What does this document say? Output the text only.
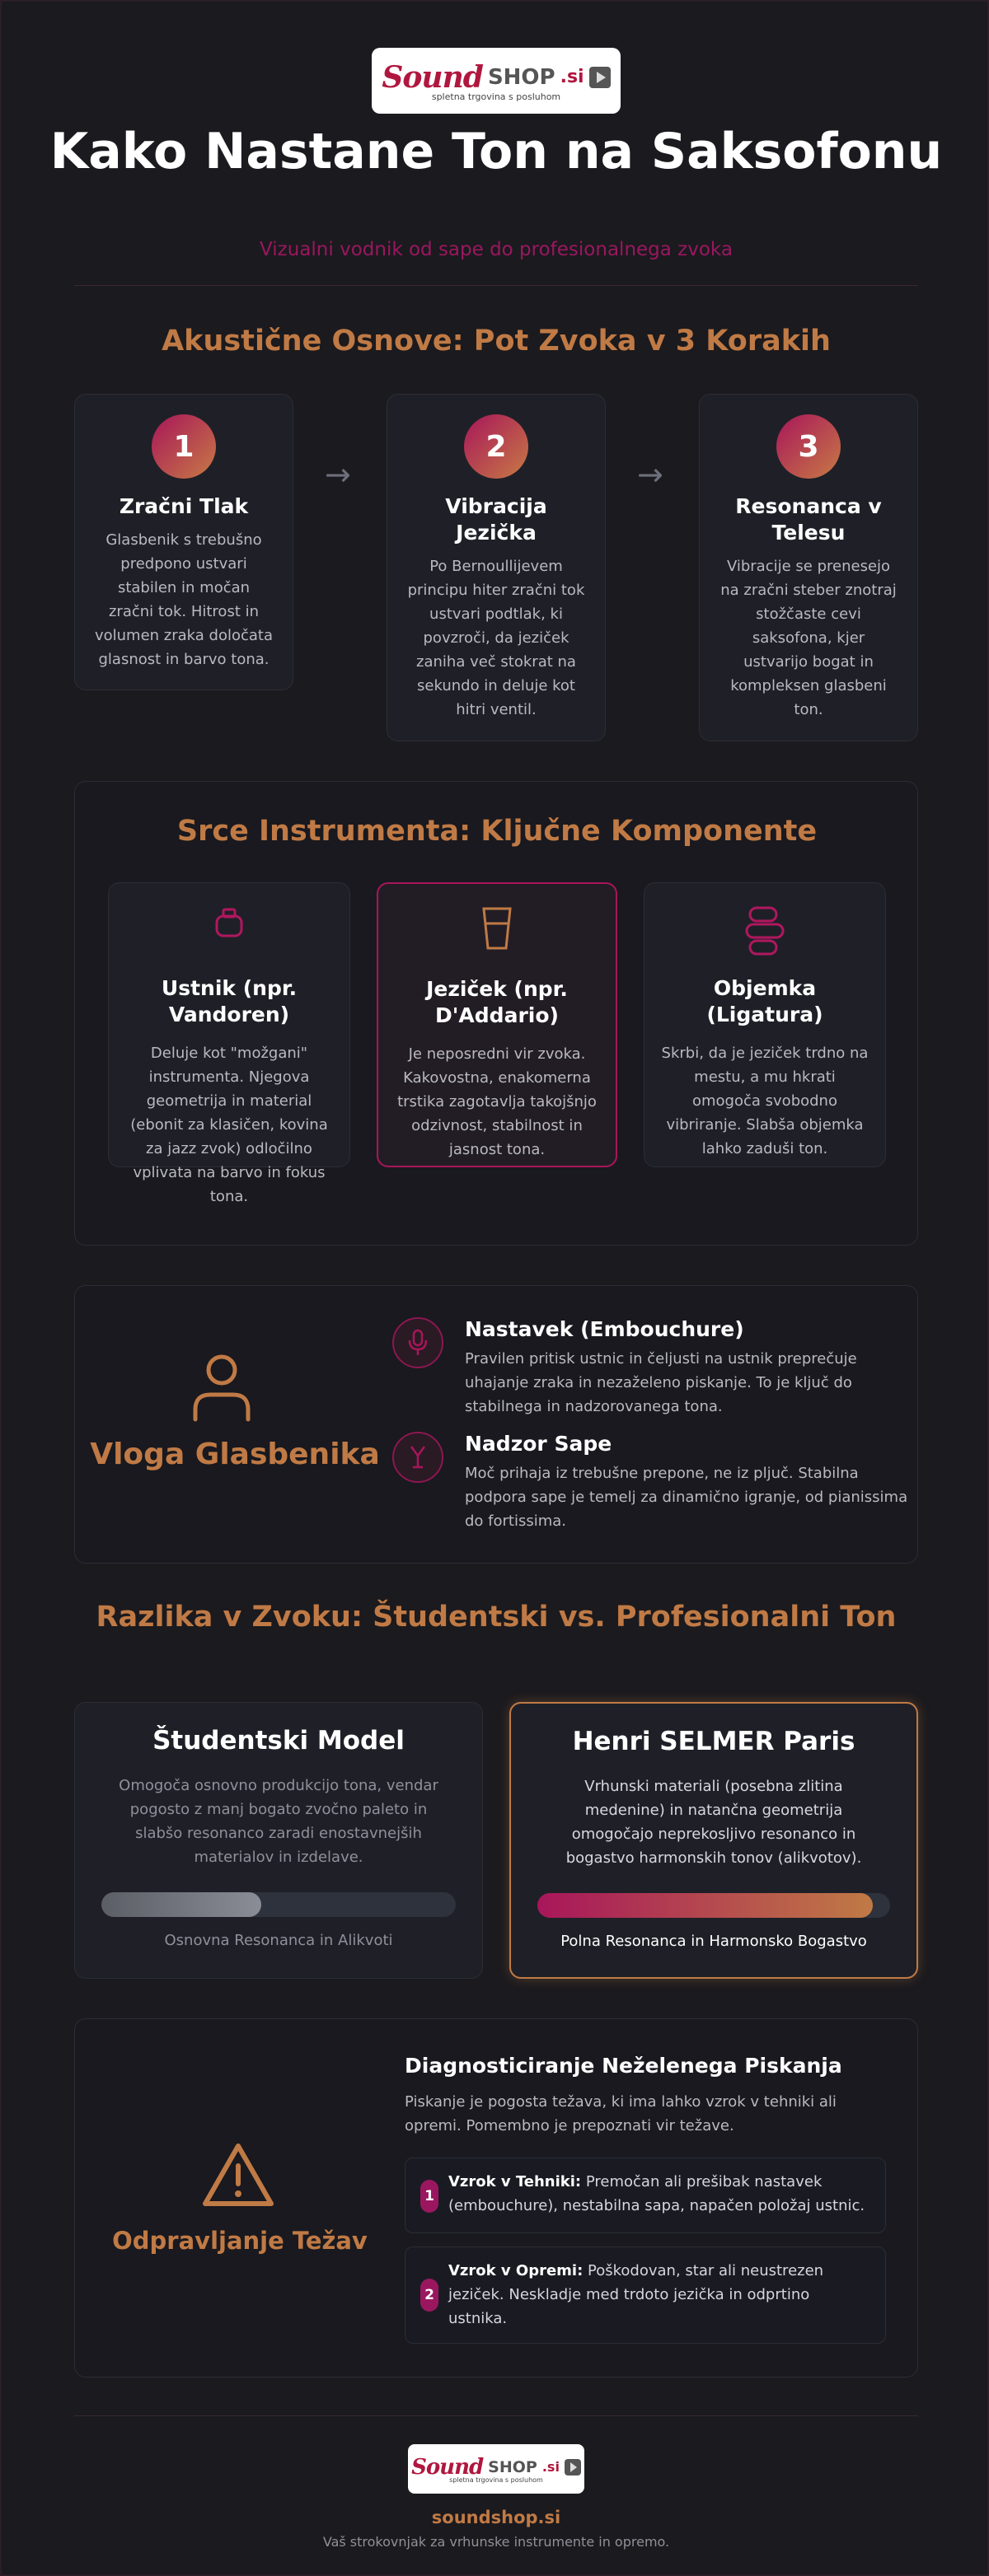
Sound SHOP .si
spletna trgovina s posluhom
Kako Nastane Ton na Saksofonu
Vizualni vodnik od sape do profesionalnega zvoka
Akustične Osnove: Pot Zvoka v 3 Korakih
1
Zračni Tlak

Glasbenik s trebušno predpono ustvari stabilen in močan zračni tok. Hitrost in volumen zraka določata glasnost in barvo tona.

→
2
Vibracija Jezička

Po Bernoullijevem principu hiter zračni tok ustvari podtlak, ki povzroči, da jeziček zaniha več stokrat na sekundo in deluje kot hitri ventil.

→
3
Resonanca v Telesu

Vibracije se prenesejo na zračni steber znotraj stožčaste cevi saksofona, kjer ustvarijo bogat in kompleksen glasbeni ton.

Srce Instrumenta: Ključne Komponente
Ustnik (npr. Vandoren)

Deluje kot "možgani" instrumenta. Njegova geometrija in material (ebonit za klasičen, kovina za jazz zvok) odločilno vplivata na barvo in fokus tona.

Jeziček (npr. D'Addario)

Je neposredni vir zvoka. Kakovostna, enakomerna trstika zagotavlja takojšnjo odzivnost, stabilnost in jasnost tona.

Objemka (Ligatura)

Skrbi, da je jeziček trdno na mestu, a mu hkrati omogoča svobodno vibriranje. Slabša objemka lahko zaduši ton.

Vloga Glasbenika
Nastavek (Embouchure)

Pravilen pritisk ustnic in čeljusti na ustnik preprečuje uhajanje zraka in nezaželeno piskanje. To je ključ do stabilnega in nadzorovanega tona.

Nadzor Sape

Moč prihaja iz trebušne prepone, ne iz pljuč. Stabilna podpora sape je temelj za dinamično igranje, od pianissima do fortissima.

Razlika v Zvoku: Študentski vs. Profesionalni Ton
Študentski Model

Omogoča osnovno produkcijo tona, vendar pogosto z manj bogato zvočno paleto in slabšo resonanco zaradi enostavnejših materialov in izdelave.

Osnovna Resonanca in Alikvoti
Henri SELMER Paris

Vrhunski materiali (posebna zlitina medenine) in natančna geometrija omogočajo neprekosljivo resonanco in bogastvo harmonskih tonov (alikvotov).

Polna Resonanca in Harmonsko Bogastvo
Odpravljanje Težav
Diagnosticiranje Neželenega Piskanja
Piskanje je pogosta težava, ki ima lahko vzrok v tehniki ali opremi. Pomembno je prepoznati vir težave.
1

Vzrok v Tehniki: Premočan ali prešibak nastavek (embouchure), nestabilna sapa, napačen položaj ustnic.

2

Vzrok v Opremi: Poškodovan, star ali neustrezen jeziček. Neskladje med trdoto jezička in odprtino ustnika.

Sound SHOP .si
spletna trgovina s posluhom
soundshop.si
Vaš strokovnjak za vrhunske instrumente in opremo.
